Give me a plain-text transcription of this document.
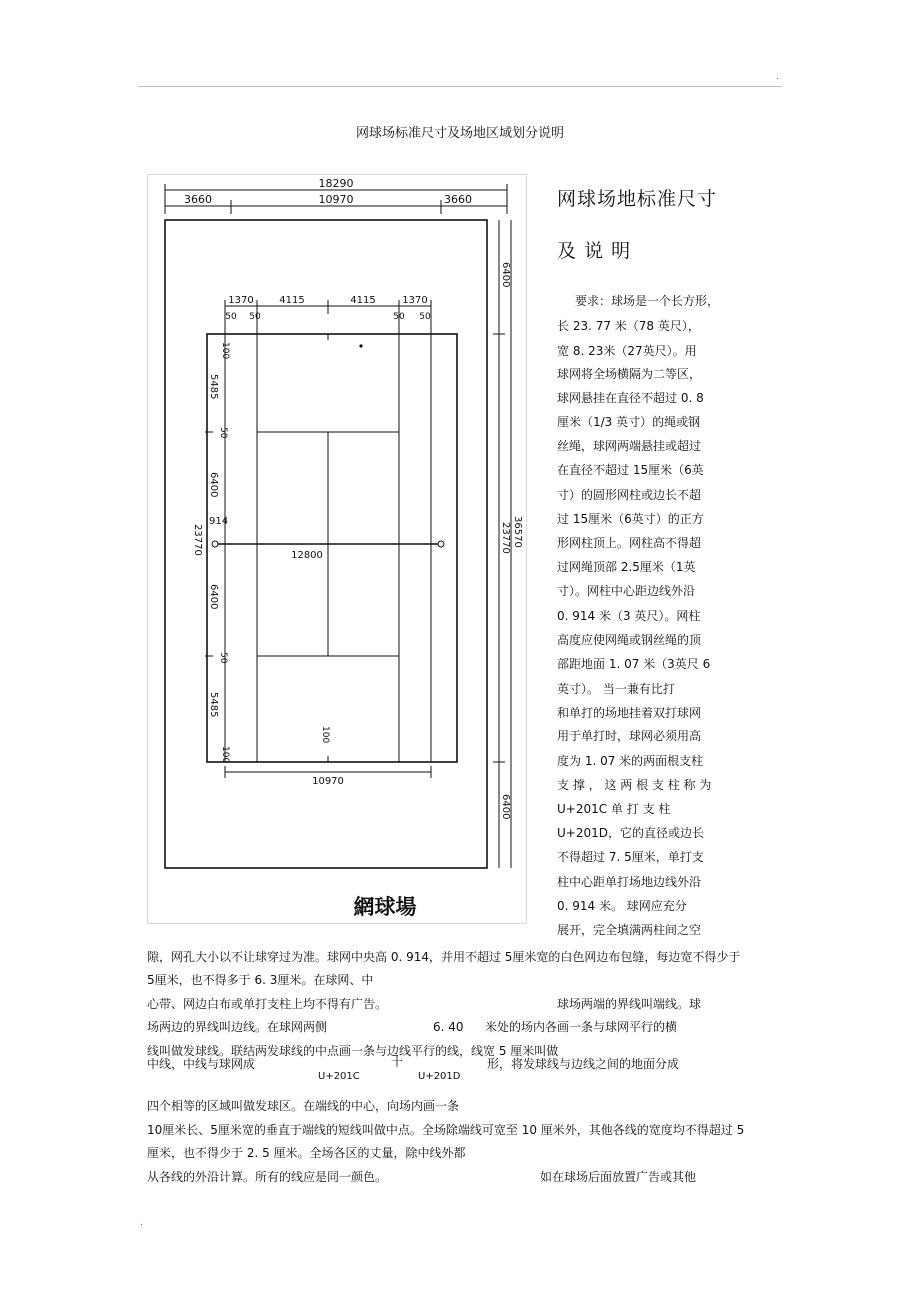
.
.
网球场标准尺寸及场地区域划分说明
18290
3660	10970	3660
12800
1370	4115	4115	1370
50 50	50 50
100
5485
50
6400
914
23770
6400
50
5485
100
100
10970
6400
23770 36570
6400
網球場
网球场地标准尺寸
及 说 明
要求：球场是一个长方形，
长 23. 77 米（78 英尺），
宽 8. 23米（27英尺）。用
球网将全场横隔为二等区，
球网悬挂在直径不超过 0. 8
厘米（1/3 英寸）的绳或钢
丝绳，球网两端悬挂或超过
在直径不超过 15厘米（6英
寸）的圆形网柱或边长不超
过 15厘米（6英寸）的正方
形网柱顶上。网柱高不得超
过网绳顶部 2.5厘米（1英
寸）。网柱中心距边线外沿
0. 914 米（3 英尺）。网柱
高度应使网绳或钢丝绳的顶
部距地面 1. 07 米（3英尺 6
英寸）。 当一兼有比打
和单打的场地挂着双打球网
用于单打时，球网必须用高
度为 1. 07 米的两面根支柱
支 撑 ， 这 两 根 支 柱 称 为
U+201C 单 打 支 柱
U+201D，它的直径或边长
不得超过 7. 5厘米，单打支
柱中心距单打场地边线外沿
0. 914 米。 球网应充分
展开，完全填满两柱间之空
隙，网孔大小以不让球穿过为准。球网中央高 0. 914，并用不超过 5厘米宽的白色网边布包缝，每边宽不得少于
5厘米，也不得多于 6. 3厘米。在球网、中
心带、网边白布或单打支柱上均不得有广告。	球场两端的界线叫端线。球
场两边的界线叫边线。在球网两侧	6. 40 米处的场内各画一条与球网平行的横
线叫做发球线。联结两发球线的中点画一条与边线平行的线，线宽 5 厘米叫做
中线，中线与球网成	十	形，将发球线与边线之间的地面分成
U+201C	U+201D
四个相等的区域叫做发球区。在端线的中心，向场内画一条
10厘米长、5厘米宽的垂直于端线的短线叫做中点。全场除端线可宽至 10 厘米外，其他各线的宽度均不得超过 5
厘米，也不得少于 2. 5 厘米。全场各区的丈量，除中线外都
从各线的外沿计算。所有的线应是同一颜色。	如在球场后面放置广告或其他
